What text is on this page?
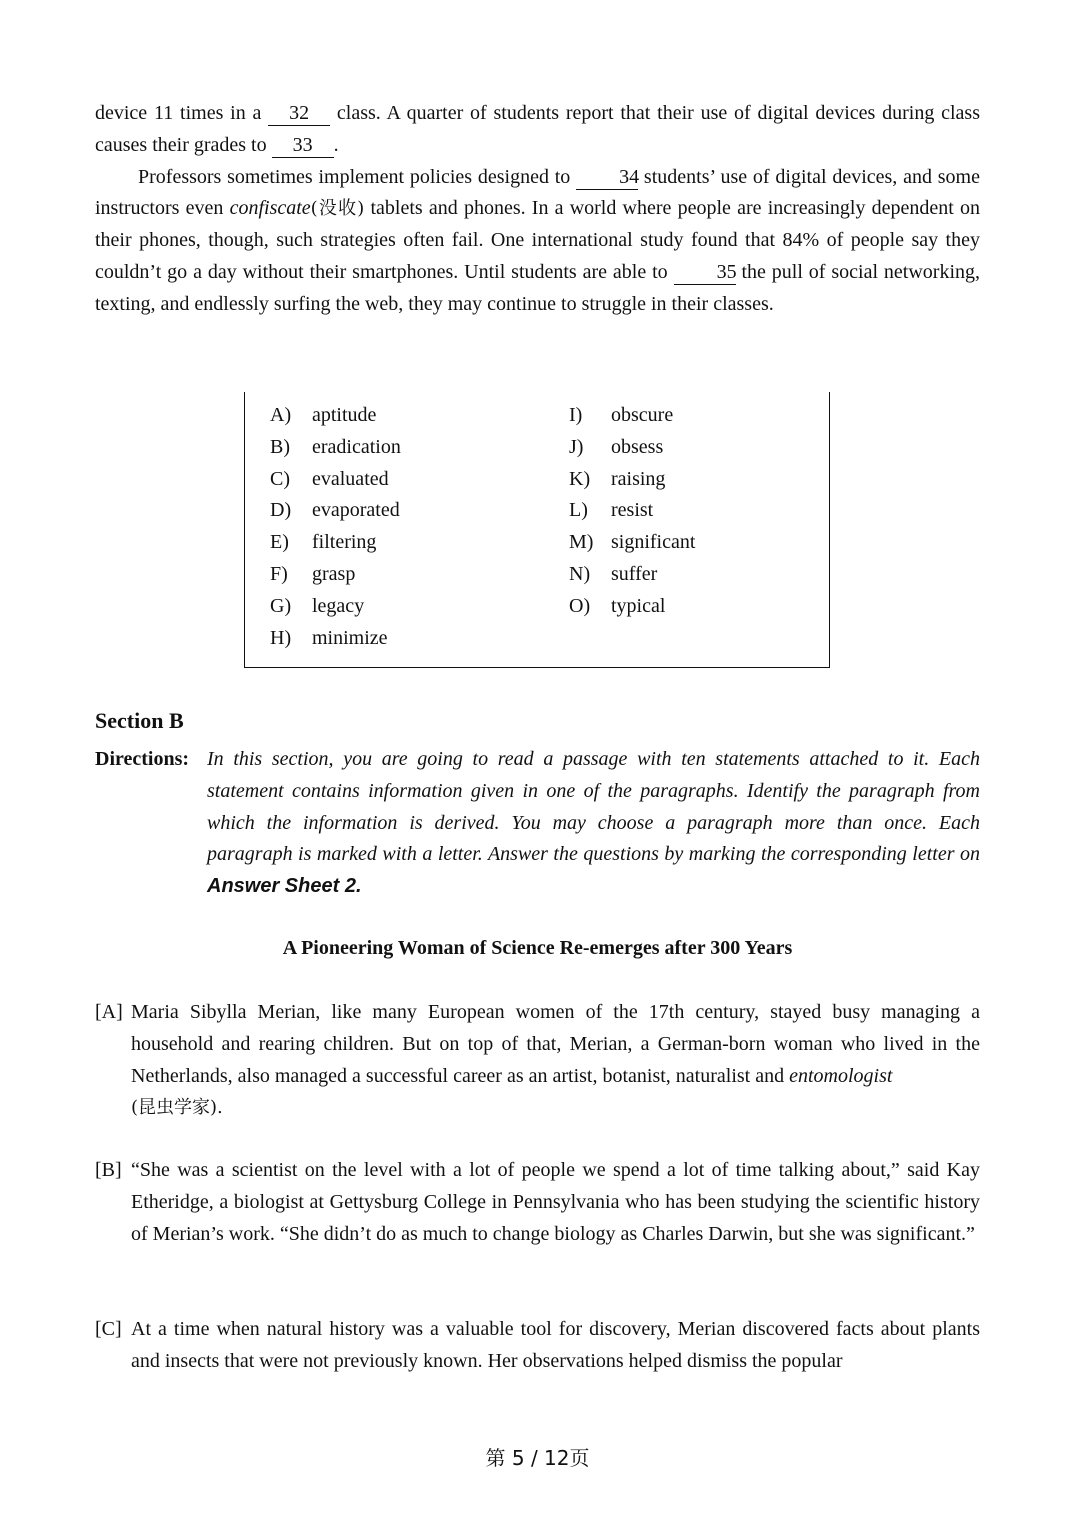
device 11 times in a 32 class. A quarter of students report that their use of digital devices during class causes their grades to 33 .

Professors sometimes implement policies designed to 34 students’ use of digital devices, and some instructors even confiscate(没收) tablets and phones. In a world where people are increasingly dependent on their phones, though, such strategies often fail. One international study found that 84% of people say they couldn’t go a day without their smartphones. Until students are able to 35 the pull of social networking, texting, and endlessly surfing the web, they may continue to struggle in their classes.

A) aptitude
B) eradication
C) evaluated
D) evaporated
E) filtering
F) grasp
G) legacy
H) minimize
I) obscure
J) obsess
K) raising
L) resist
M) significant
N) suffer
O) typical
Section B
Directions: In this section, you are going to read a passage with ten statements attached to it. Each statement contains information given in one of the paragraphs. Identify the paragraph from which the information is derived. You may choose a paragraph more than once. Each paragraph is marked with a letter. Answer the questions by marking the corresponding letter on Answer Sheet 2.
A Pioneering Woman of Science Re-emerges after 300 Years
[A] Maria Sibylla Merian, like many European women of the 17th century, stayed busy managing a household and rearing children. But on top of that, Merian, a German-born woman who lived in the Netherlands, also managed a successful career as an artist, botanist, naturalist and entomologist
(昆虫学家).
[B] “She was a scientist on the level with a lot of people we spend a lot of time talking about,” said Kay Etheridge, a biologist at Gettysburg College in Pennsylvania who has been studying the scientific history of Merian’s work. “She didn’t do as much to change biology as Charles Darwin, but she was significant.”
[C] At a time when natural history was a valuable tool for discovery, Merian discovered facts about plants and insects that were not previously known. Her observations helped dismiss the popular
第 5 / 12页
